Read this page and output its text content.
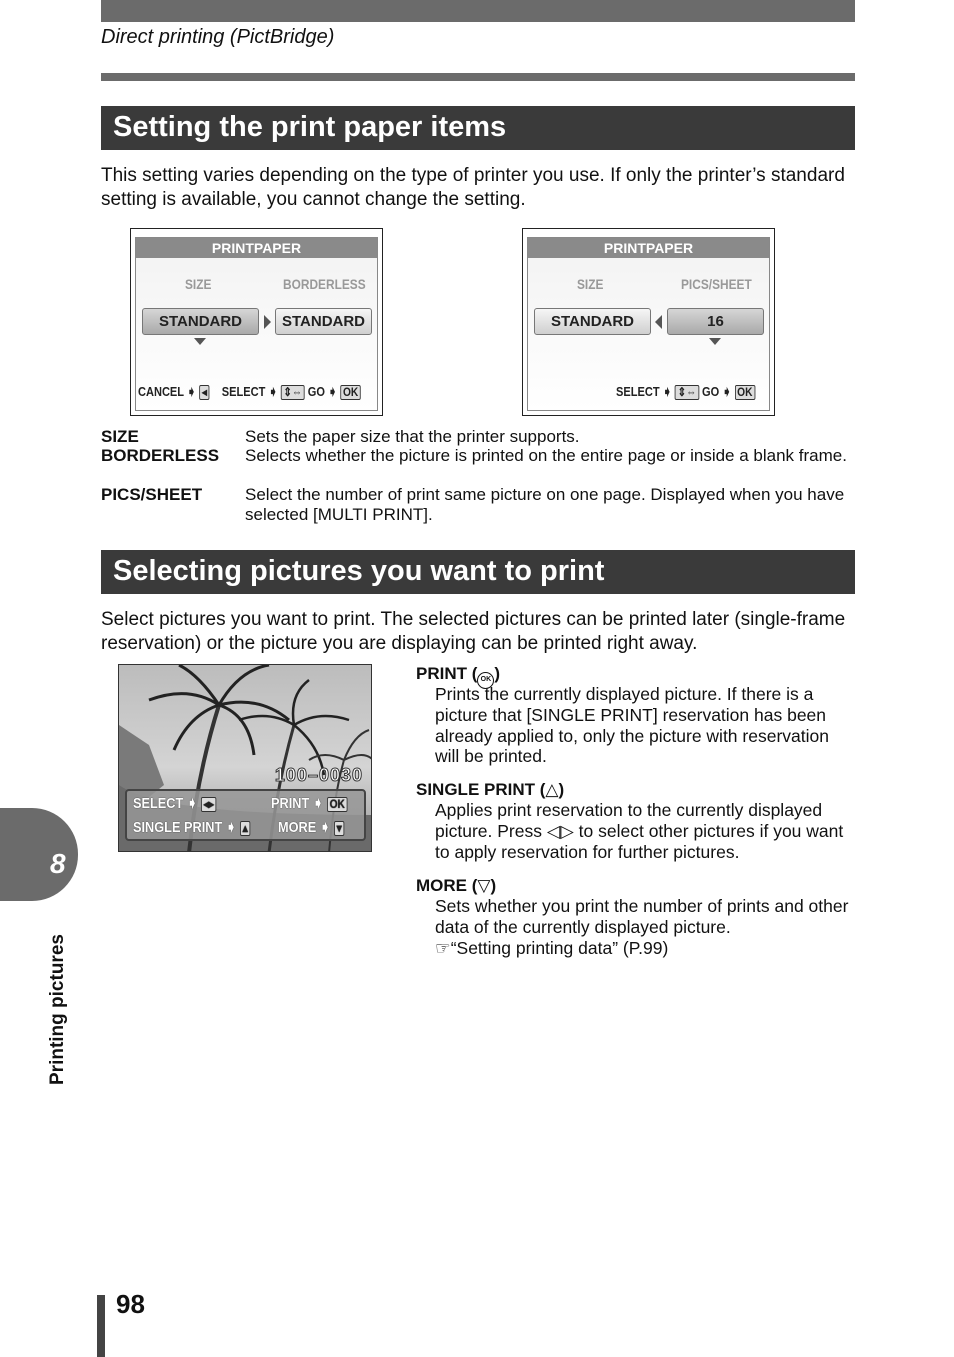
Direct printing (PictBridge)
Setting the print paper items
This setting varies depending on the type of printer you use. If only the printer’s standard setting is available, you cannot change the setting.
PRINTPAPER
SIZE	BORDERLESS
STANDARD	STANDARD
CANCEL ➧ ◂ SELECT ➧ ⇕⇔ GO ➧ OK
PRINTPAPER
SIZE	PICS/SHEET
STANDARD	16
SELECT ➧ ⇕⇔ GO ➧ OK
SIZE	Sets the paper size that the printer supports.
BORDERLESS Selects whether the picture is printed on the entire page or inside a blank frame.
PICS/SHEET	Select the number of print same picture on one page. Displayed when you have selected [MULTI PRINT].
Selecting pictures you want to print
Select pictures you want to print. The selected pictures can be printed later (single-frame reservation) or the picture you are displaying can be printed right away.
100–0030
SELECT ➧ ◂▸	PRINT ➧ OK
SINGLE PRINT ➧ ▴ MORE ➧ ▾
PRINT ( OK )
Prints the currently displayed picture. If there is a picture that [SINGLE PRINT] reservation has been already applied to, only the picture with reservation will be printed.
SINGLE PRINT (△)
Applies print reservation to the currently displayed picture. Press ◁▷ to select other pictures if you want to apply reservation for further pictures.
MORE (▽)
Sets whether you print the number of prints and other data of the currently displayed picture.
☞“Setting printing data” (P.99)
8
Printing pictures
98
